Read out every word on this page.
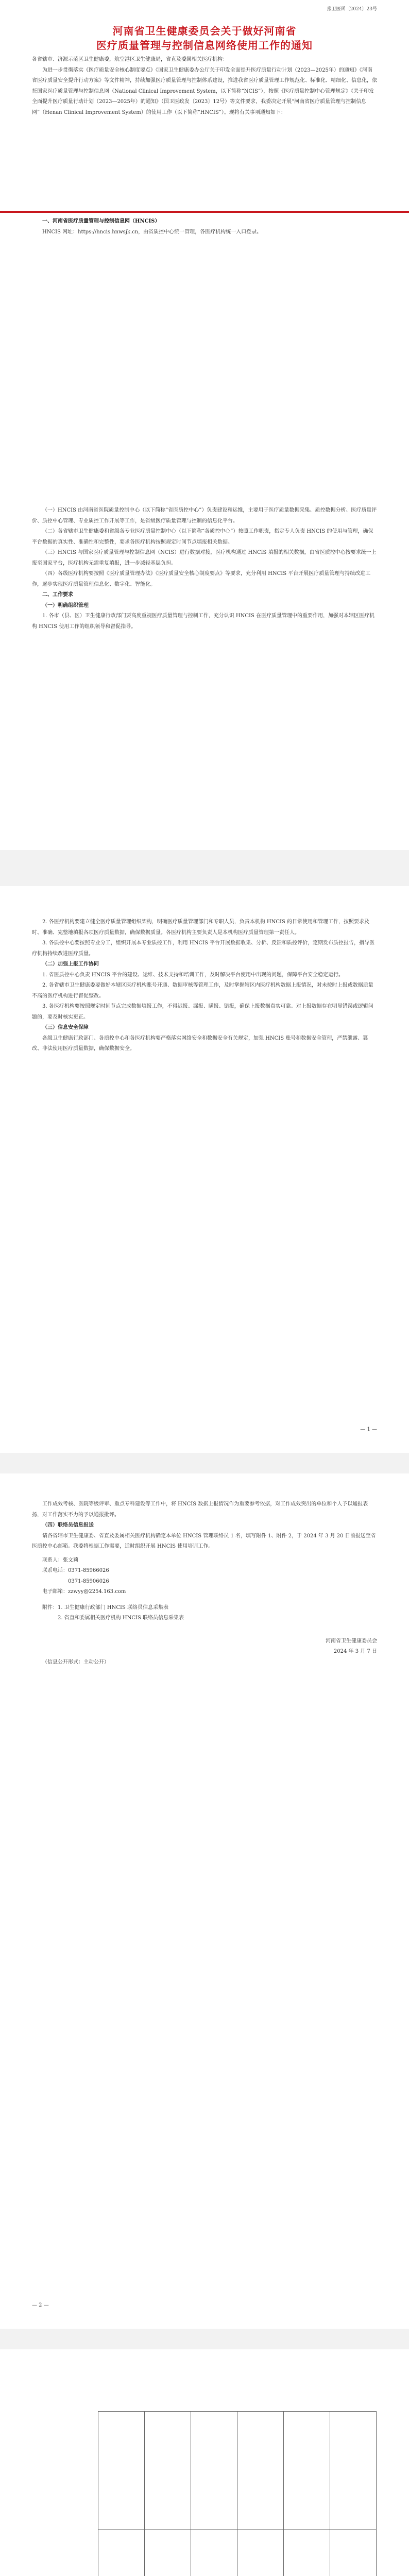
豫卫医函〔2024〕23号
河南省卫生健康委员会关于做好河南省
医疗质量管理与控制信息网络使用工作的通知

各省辖市、济源示范区卫生健康委，航空港区卫生健康局，省直及委属相关医疗机构：

为进一步贯彻落实《医疗质量安全核心制度要点》《国家卫生健康委办公厅关于印发全面提升医疗质量行动计划（2023—2025年）的通知》《河南省医疗质量安全提升行动方案》等文件精神，持续加强医疗质量管理与控制体系建设，推进我省医疗质量管理工作规范化、标准化、精细化、信息化，依托国家医疗质量管理与控制信息网（National Clinical Improvement System，以下简称“NCIS”），按照《医疗质量控制中心管理规定》《关于印发全面提升医疗质量行动计划（2023—2025年）的通知》（国卫医政发〔2023〕12号）等文件要求，我委决定开展“河南省医疗质量管理与控制信息网”（Henan Clinical Improvement System）的使用工作（以下简称“HNCIS”）。现将有关事项通知如下：

一、河南省医疗质量管理与控制信息网（HNCIS）

HNCIS 网址：https://hncis.hnwsjk.cn，由省质控中心统一管理，各医疗机构统一入口登录。

（一）HNCIS 由河南省医院质量控制中心（以下简称“省医质控中心”）负责建设和运维，主要用于医疗质量数据采集、质控数据分析、医疗质量评价、质控中心管理、专业质控工作开展等工作，是省级医疗质量管理与控制的信息化平台。

（二）各省辖市卫生健康委和省级各专业医疗质量控制中心（以下简称“各质控中心”）按照工作职责，指定专人负责 HNCIS 的使用与管理，确保平台数据的真实性、准确性和完整性，要求各医疗机构按照规定时间节点填报相关数据。

（三）HNCIS 与国家医疗质量管理与控制信息网（NCIS）进行数据对接，医疗机构通过 HNCIS 填报的相关数据，由省医质控中心按要求统一上报至国家平台，医疗机构无需重复填报，进一步减轻基层负担。

（四）各级医疗机构要按照《医疗质量管理办法》《医疗质量安全核心制度要点》等要求，充分利用 HNCIS 平台开展医疗质量管理与持续改进工作，逐步实现医疗质量管理信息化、数字化、智能化。

二、工作要求

（一）明确组织管理

1. 各市（县、区）卫生健康行政部门要高度重视医疗质量管理与控制工作，充分认识 HNCIS 在医疗质量管理中的重要作用，加强对本辖区医疗机构 HNCIS 使用工作的组织领导和督促指导。

2. 各医疗机构要建立健全医疗质量管理组织架构，明确医疗质量管理部门和专职人员，负责本机构 HNCIS 的日常使用和管理工作，按照要求及时、准确、完整地填报各项医疗质量数据，确保数据质量。各医疗机构主要负责人是本机构医疗质量管理第一责任人。

3. 各质控中心要按照专业分工，组织开展本专业质控工作，利用 HNCIS 平台开展数据收集、分析、反馈和质控评价，定期发布质控报告，指导医疗机构持续改进医疗质量。

（二）加强上报工作协同

1. 省医质控中心负责 HNCIS 平台的建设、运维、技术支持和培训工作，及时解决平台使用中出现的问题，保障平台安全稳定运行。

2. 各省辖市卫生健康委要做好本辖区医疗机构账号开通、数据审核等管理工作，及时掌握辖区内医疗机构数据上报情况，对未按时上报或数据质量不高的医疗机构进行督促整改。

3. 各医疗机构要按照规定时间节点完成数据填报工作，不得迟报、漏报、瞒报、错报，确保上报数据真实可靠。对上报数据存在明显错误或逻辑问题的，要及时核实更正。

（三）信息安全保障

各级卫生健康行政部门、各质控中心和各医疗机构要严格落实网络安全和数据安全有关规定，加强 HNCIS 账号和数据安全管理，严禁泄露、篡改、非法使用医疗质量数据，确保数据安全。

— 1 —

工作成效考核、医院等级评审、重点专科建设等工作中，将 HNCIS 数据上报情况作为重要参考依据，对工作成效突出的单位和个人予以通报表扬，对工作落实不力的予以通报批评。

（四）联络员信息报送

请各省辖市卫生健康委、省直及委属相关医疗机构确定本单位 HNCIS 管理联络员 1 名，填写附件 1、附件 2，于 2024 年 3 月 20 日前报送至省医质控中心邮箱。我委将根据工作需要，适时组织开展 HNCIS 使用培训工作。

联系人：张文莉

联系电话：0371-85966026

0371-85906026

电子邮箱：zzwyy@2254.163.com

附件：1. 卫生健康行政部门 HNCIS 联络员信息采集表

2. 省直和委属相关医疗机构 HNCIS 联络员信息采集表

河南省卫生健康委员会

2024 年 3 月 7 日

（信息公开形式：主动公开）

— 2 —
